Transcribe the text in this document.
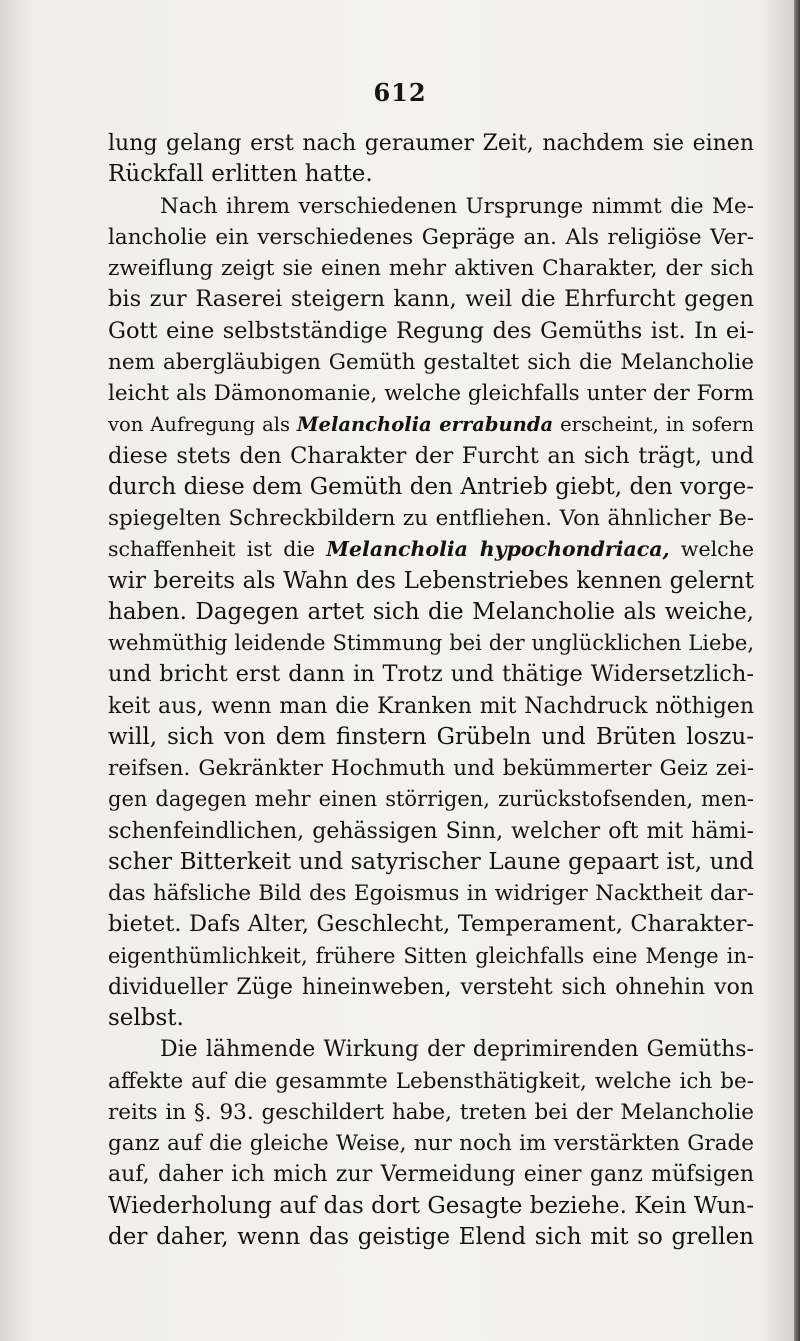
612
lung gelang erst nach geraumer Zeit, nachdem sie einen
Rückfall erlitten hatte.
Nach ihrem verschiedenen Ursprunge nimmt die Me-
lancholie ein verschiedenes Gepräge an. Als religiöse Ver-
zweiflung zeigt sie einen mehr aktiven Charakter, der sich
bis zur Raserei steigern kann, weil die Ehrfurcht gegen
Gott eine selbstständige Regung des Gemüths ist. In ei-
nem abergläubigen Gemüth gestaltet sich die Melancholie
leicht als Dämonomanie, welche gleichfalls unter der Form
von Aufregung als Melancholia errabunda erscheint, in sofern
diese stets den Charakter der Furcht an sich trägt, und
durch diese dem Gemüth den Antrieb giebt, den vorge-
spiegelten Schreckbildern zu entfliehen. Von ähnlicher Be-
schaffenheit ist die Melancholia hypochondriaca, welche
wir bereits als Wahn des Lebenstriebes kennen gelernt
haben. Dagegen artet sich die Melancholie als weiche,
wehmüthig leidende Stimmung bei der unglücklichen Liebe,
und bricht erst dann in Trotz und thätige Widersetzlich-
keit aus, wenn man die Kranken mit Nachdruck nöthigen
will, sich von dem finstern Grübeln und Brüten loszu-
reifsen. Gekränkter Hochmuth und bekümmerter Geiz zei-
gen dagegen mehr einen störrigen, zurückstofsenden, men-
schenfeindlichen, gehässigen Sinn, welcher oft mit hämi-
scher Bitterkeit und satyrischer Laune gepaart ist, und
das häfsliche Bild des Egoismus in widriger Nacktheit dar-
bietet. Dafs Alter, Geschlecht, Temperament, Charakter-
eigenthümlichkeit, frühere Sitten gleichfalls eine Menge in-
dividueller Züge hineinweben, versteht sich ohnehin von
selbst.
Die lähmende Wirkung der deprimirenden Gemüths-
affekte auf die gesammte Lebensthätigkeit, welche ich be-
reits in §. 93. geschildert habe, treten bei der Melancholie
ganz auf die gleiche Weise, nur noch im verstärkten Grade
auf, daher ich mich zur Vermeidung einer ganz müfsigen
Wiederholung auf das dort Gesagte beziehe. Kein Wun-
der daher, wenn das geistige Elend sich mit so grellen
